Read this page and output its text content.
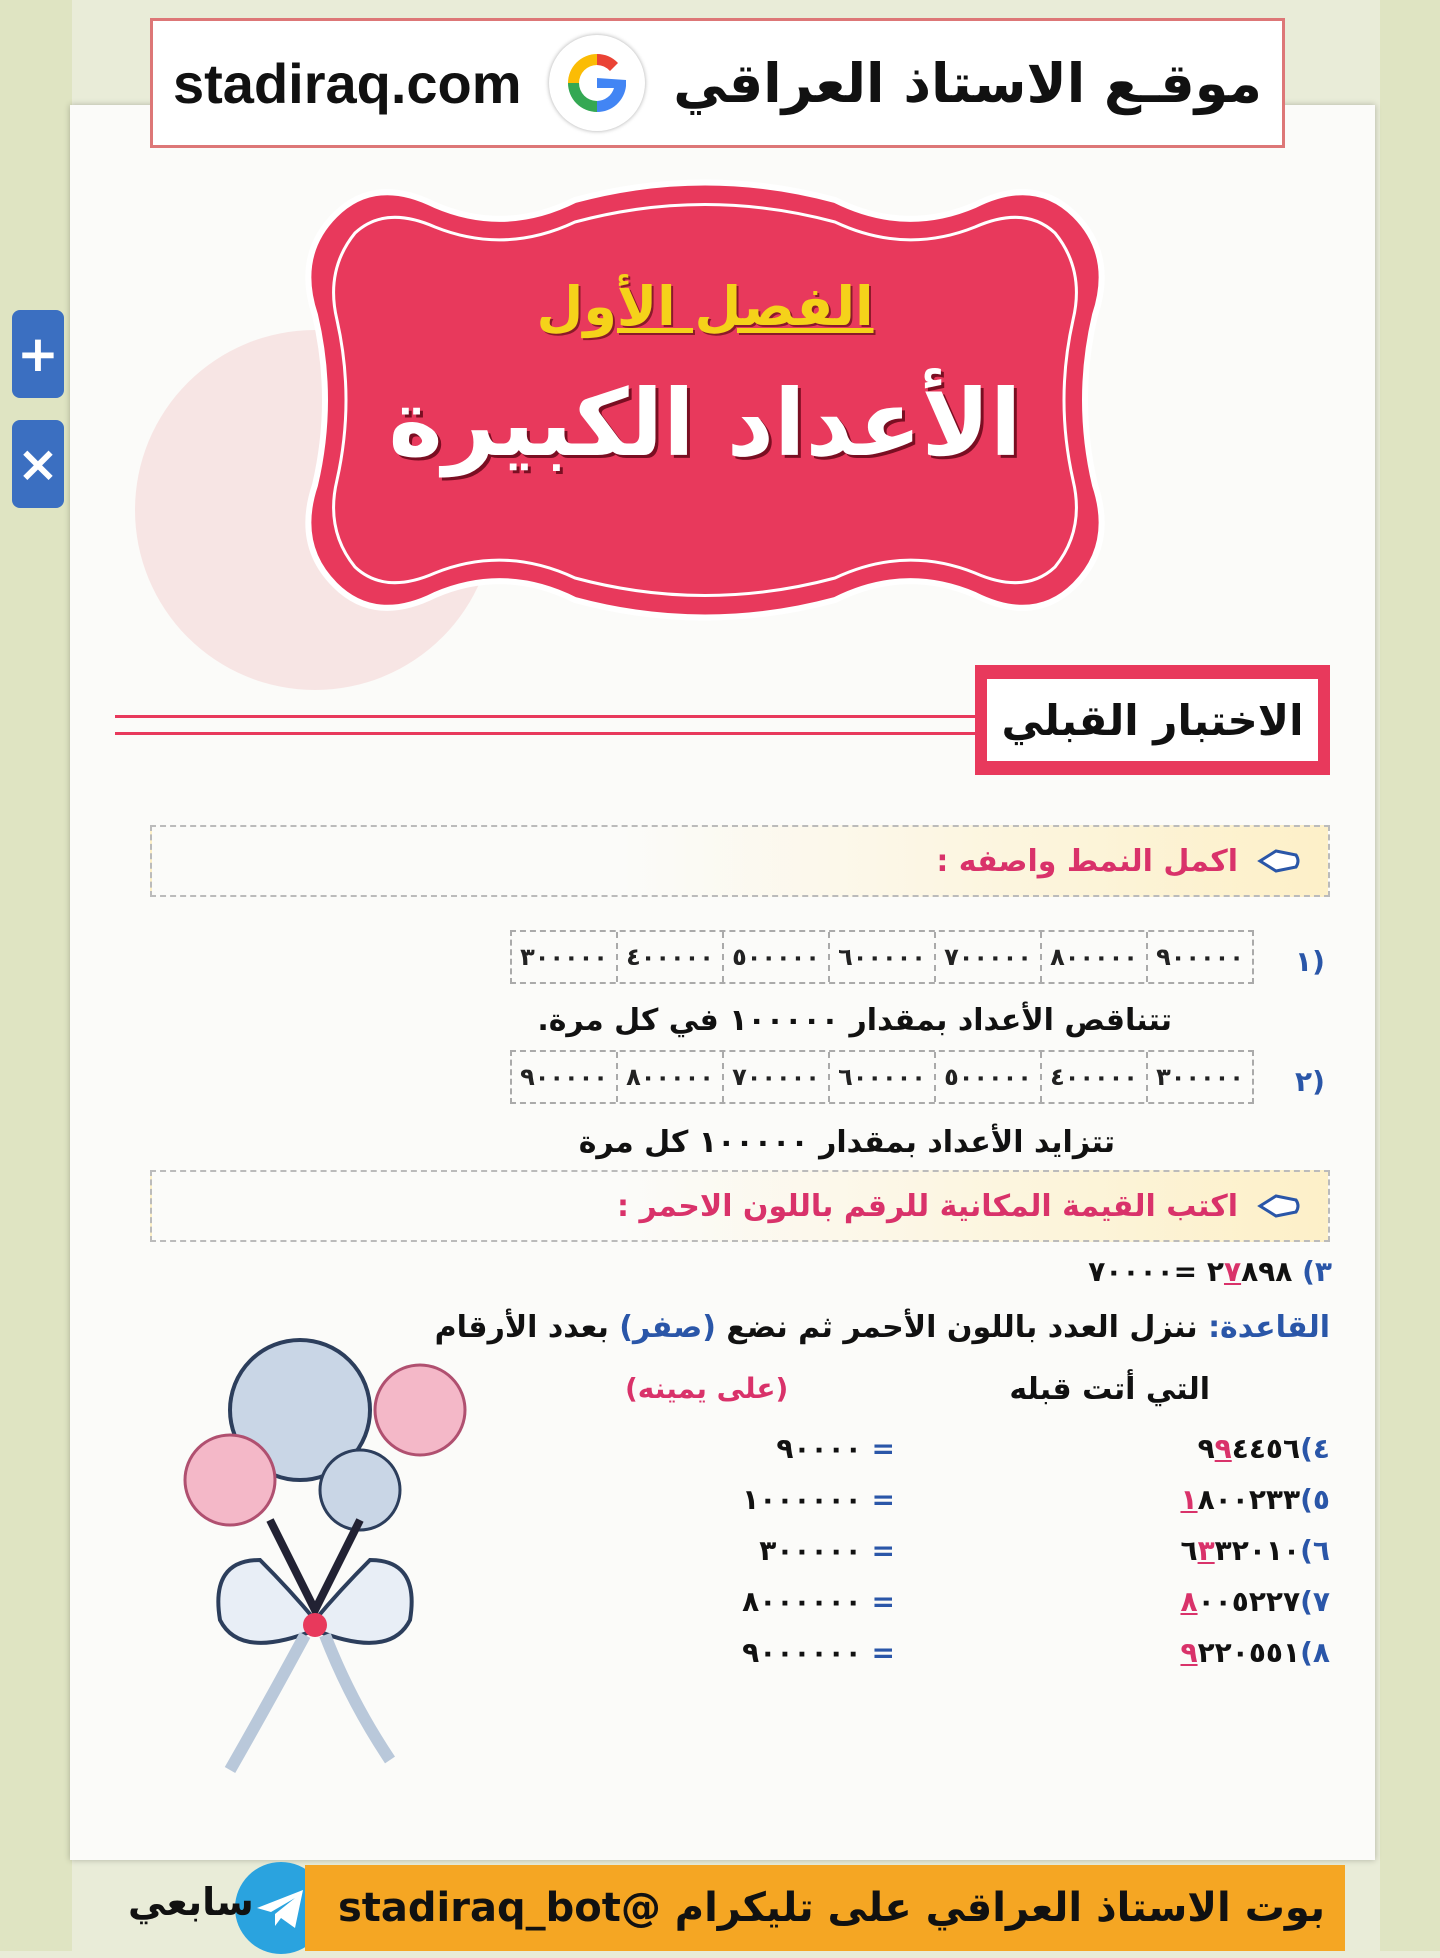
+
×
stadiraq.com	موقـع الاستاذ العراقي
الفصل الأول
الأعداد الكبيرة
الاختبار القبلي
اكمل النمط واصفه :
١)
٩٠٠٠٠٠
٨٠٠٠٠٠
٧٠٠٠٠٠
٦٠٠٠٠٠
٥٠٠٠٠٠
٤٠٠٠٠٠
٣٠٠٠٠٠
تتناقص الأعداد بمقدار ١٠٠٠٠٠ في كل مرة.
٢)
٣٠٠٠٠٠
٤٠٠٠٠٠
٥٠٠٠٠٠
٦٠٠٠٠٠
٧٠٠٠٠٠
٨٠٠٠٠٠
٩٠٠٠٠٠
تتزايد الأعداد بمقدار ١٠٠٠٠٠ كل مرة
اكتب القيمة المكانية للرقم باللون الاحمر :
٣) ٢٧٨٩٨ =٧٠٠٠٠
القاعدة: ننزل العدد باللون الأحمر ثم نضع (صفر) بعدد الأرقام
التي أتت قبله
(على يمينه)
٤)٩٩٤٤٥٦
= ٩٠٠٠٠
٥)١٨٠٠٢٣٣
= ١٠٠٠٠٠٠
٦)٦٣٣٢٠١٠
= ٣٠٠٠٠٠
٧)٨٠٠٥٢٢٧
= ٨٠٠٠٠٠٠
٨)٩٢٢٠٥٥١
= ٩٠٠٠٠٠٠
بوت الاستاذ العراقي على تليكرام @stadiraq_bot
سابعي
